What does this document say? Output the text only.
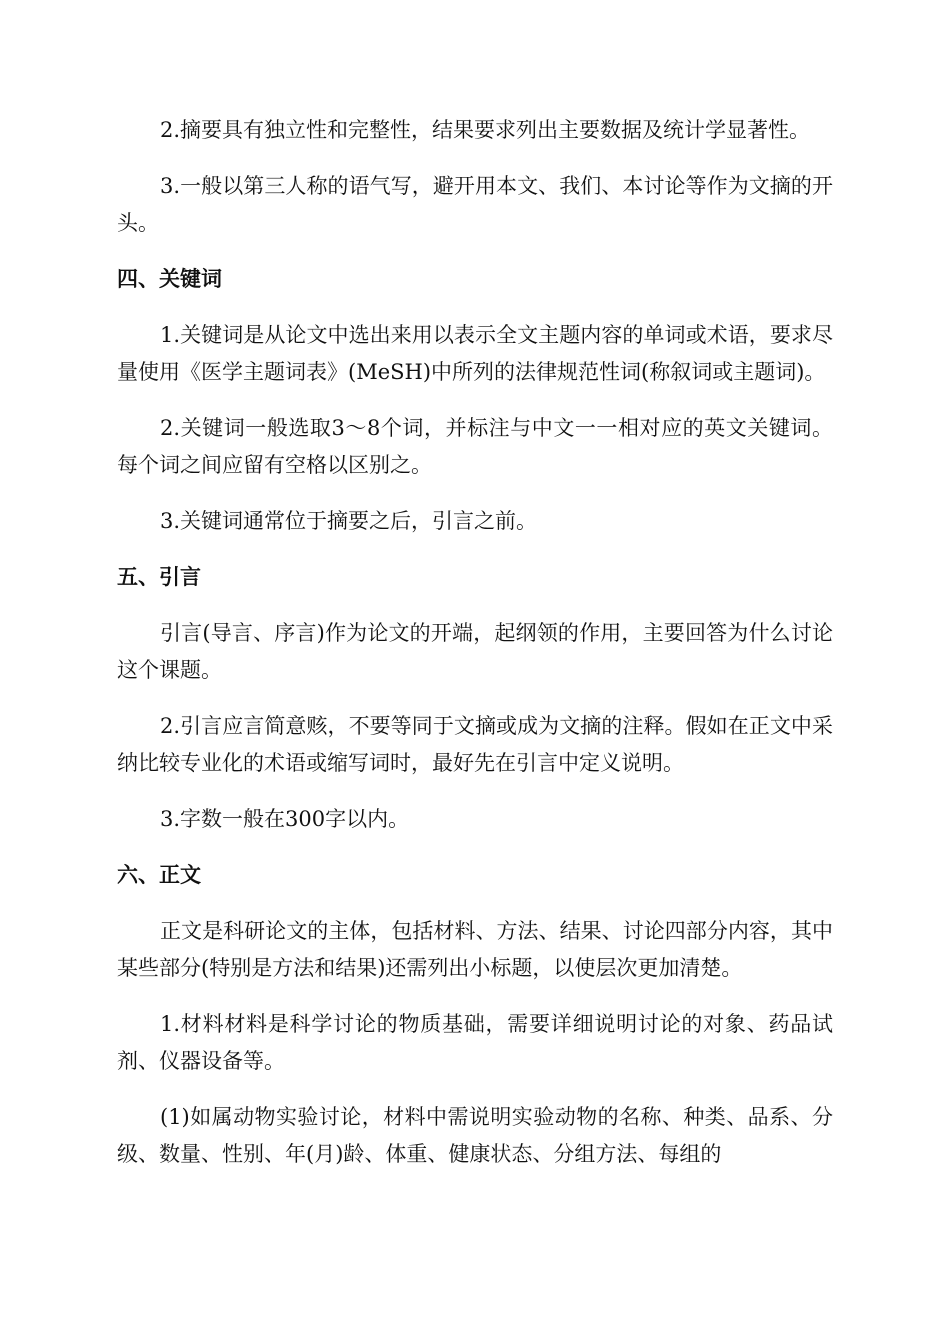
2.摘要具有独立性和完整性，结果要求列出主要数据及统计学显著性。

3.一般以第三人称的语气写，避开用本文、我们、本讨论等作为文摘的开头。

四、关键词

1.关键词是从论文中选出来用以表示全文主题内容的单词或术语，要求尽量使用《医学主题词表》(MeSH)中所列的法律规范性词(称叙词或主题词)。

2.关键词一般选取3～8个词，并标注与中文一一相对应的英文关键词。每个词之间应留有空格以区别之。

3.关键词通常位于摘要之后，引言之前。

五、引言

引言(导言、序言)作为论文的开端，起纲领的作用，主要回答为什么讨论这个课题。

2.引言应言简意赅，不要等同于文摘或成为文摘的注释。假如在正文中采纳比较专业化的术语或缩写词时，最好先在引言中定义说明。

3.字数一般在300字以内。

六、正文

正文是科研论文的主体，包括材料、方法、结果、讨论四部分内容，其中某些部分(特别是方法和结果)还需列出小标题，以使层次更加清楚。

1.材料材料是科学讨论的物质基础，需要详细说明讨论的对象、药品试剂、仪器设备等。

(1)如属动物实验讨论，材料中需说明实验动物的名称、种类、品系、分级、数量、性别、年(月)龄、体重、健康状态、分组方法、每组的
